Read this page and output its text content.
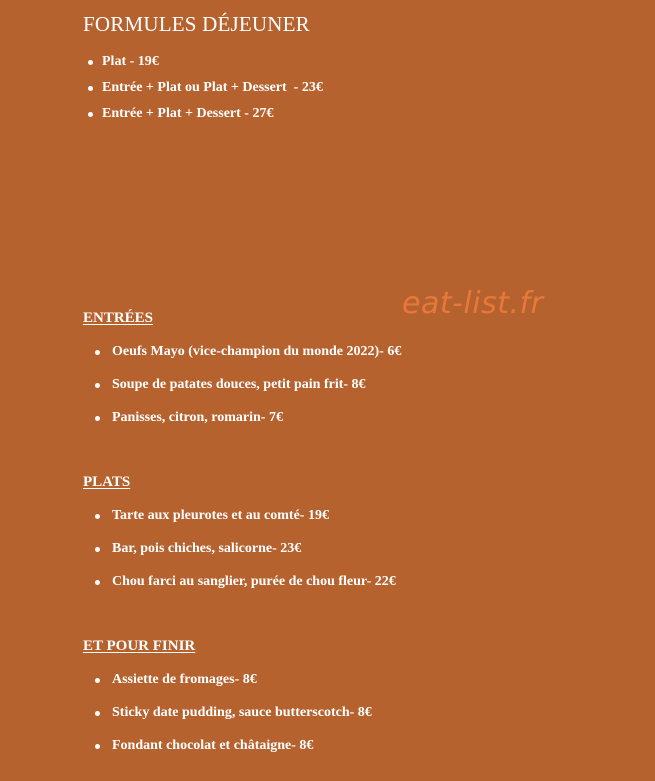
FORMULES DÉJEUNER
Plat - 19€
Entrée + Plat ou Plat + Dessert  - 23€
Entrée + Plat + Dessert - 27€
eat-list.fr
ENTRÉES
Oeufs Mayo (vice-champion du monde 2022)- 6€
Soupe de patates douces, petit pain frit- 8€
Panisses, citron, romarin- 7€
PLATS
Tarte aux pleurotes et au comté- 19€
Bar, pois chiches, salicorne- 23€
Chou farci au sanglier, purée de chou fleur- 22€
ET POUR FINIR
Assiette de fromages- 8€
Sticky date pudding, sauce butterscotch- 8€
Fondant chocolat et châtaigne- 8€
